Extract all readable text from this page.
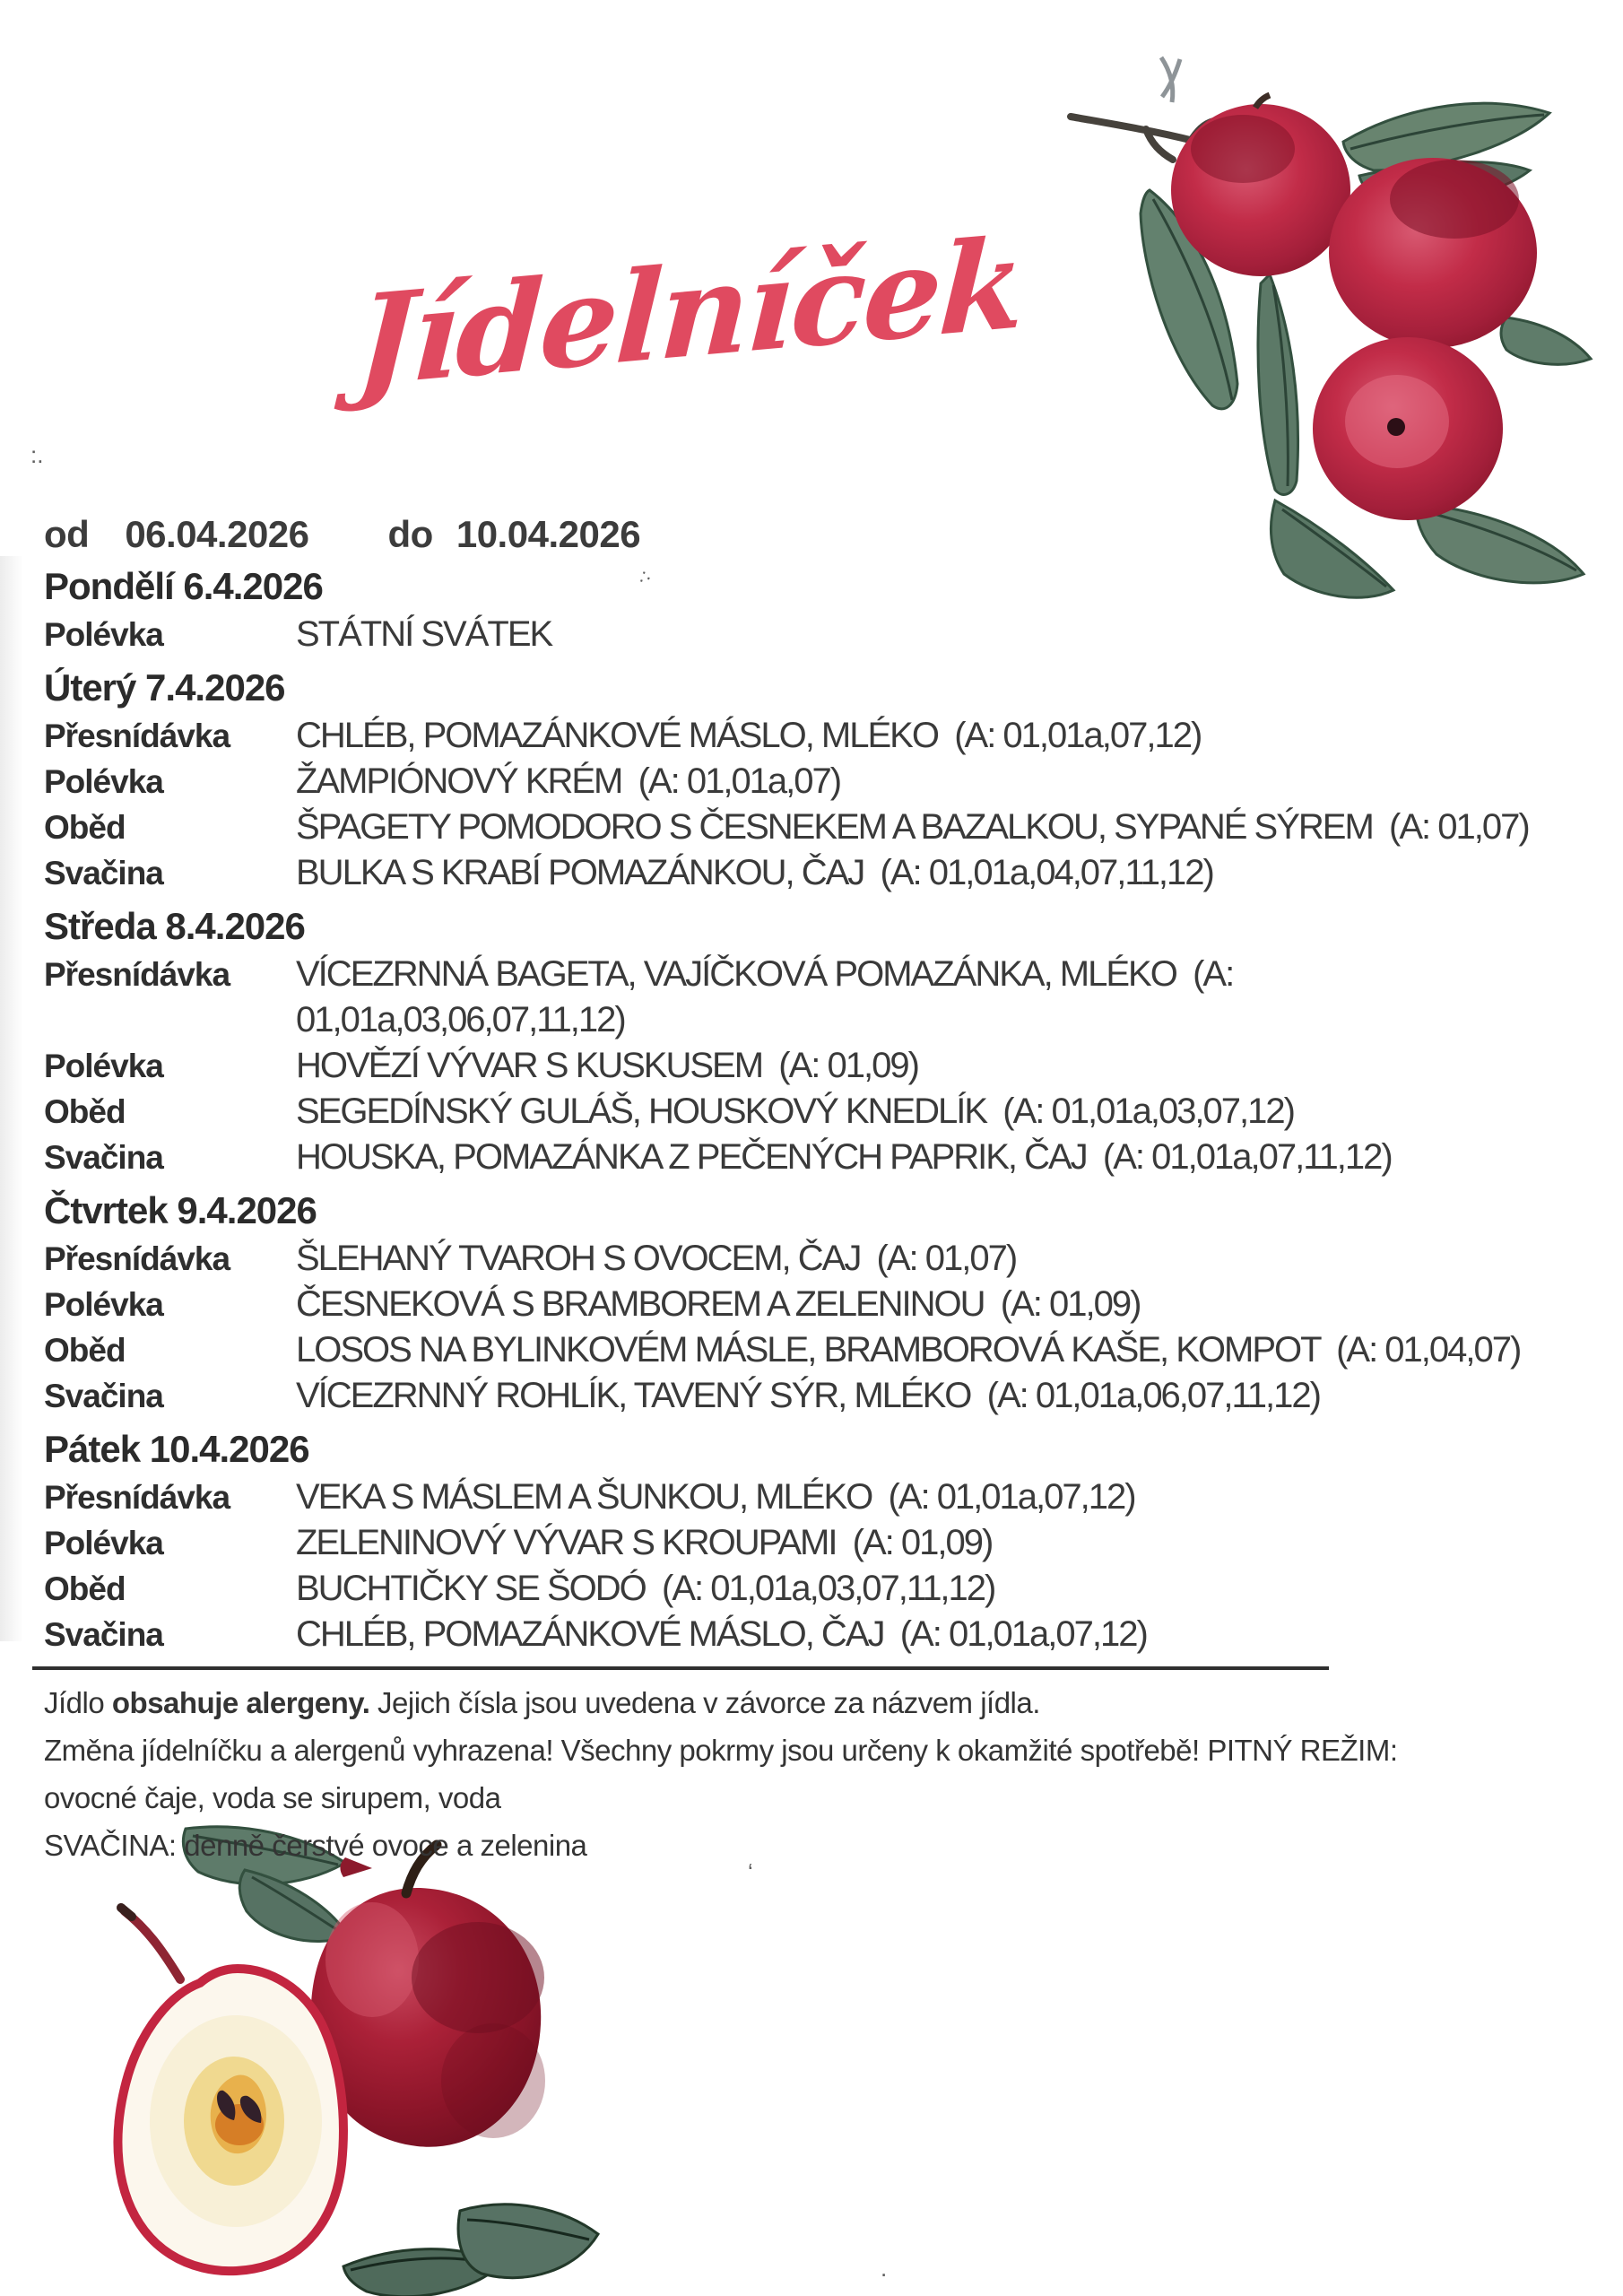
Jídelníček
:.
:·
‘
.
od 06.04.2026 do 10.04.2026
Pondělí 6.4.2026
Polévka	STÁTNÍ SVÁTEK
Úterý 7.4.2026
Přesnídávka	CHLÉB, POMAZÁNKOVÉ MÁSLO, MLÉKO  (A: 01,01a,07,12)
Polévka	ŽAMPIÓNOVÝ KRÉM  (A: 01,01a,07)
Oběd	ŠPAGETY POMODORO S ČESNEKEM A BAZALKOU, SYPANÉ SÝREM  (A: 01,07)
Svačina	BULKA S KRABÍ POMAZÁNKOU, ČAJ  (A: 01,01a,04,07,11,12)
Středa 8.4.2026
Přesnídávka	VÍCEZRNNÁ BAGETA, VAJÍČKOVÁ POMAZÁNKA, MLÉKO  (A: 01,01a,03,06,07,11,12)
Polévka	HOVĚZÍ VÝVAR S KUSKUSEM  (A: 01,09)
Oběd	SEGEDÍNSKÝ GULÁŠ, HOUSKOVÝ KNEDLÍK  (A: 01,01a,03,07,12)
Svačina	HOUSKA, POMAZÁNKA Z PEČENÝCH PAPRIK, ČAJ  (A: 01,01a,07,11,12)
Čtvrtek 9.4.2026
Přesnídávka	ŠLEHANÝ TVAROH S OVOCEM, ČAJ  (A: 01,07)
Polévka	ČESNEKOVÁ S BRAMBOREM A ZELENINOU  (A: 01,09)
Oběd	LOSOS NA BYLINKOVÉM MÁSLE, BRAMBOROVÁ KAŠE, KOMPOT  (A: 01,04,07)
Svačina	VÍCEZRNNÝ ROHLÍK, TAVENÝ SÝR, MLÉKO  (A: 01,01a,06,07,11,12)
Pátek 10.4.2026
Přesnídávka	VEKA S MÁSLEM A ŠUNKOU, MLÉKO  (A: 01,01a,07,12)
Polévka	ZELENINOVÝ VÝVAR S KROUPAMI  (A: 01,09)
Oběd	BUCHTIČKY SE ŠODÓ  (A: 01,01a,03,07,11,12)
Svačina	CHLÉB, POMAZÁNKOVÉ MÁSLO, ČAJ  (A: 01,01a,07,12)

Jídlo obsahuje alergeny. Jejich čísla jsou uvedena v závorce za názvem jídla.

Změna jídelníčku a alergenů vyhrazena! Všechny pokrmy jsou určeny k okamžité spotřebě! PITNÝ REŽIM:

ovocné čaje, voda se sirupem, voda

SVAČINA: denně čerstvé ovoce a zelenina
